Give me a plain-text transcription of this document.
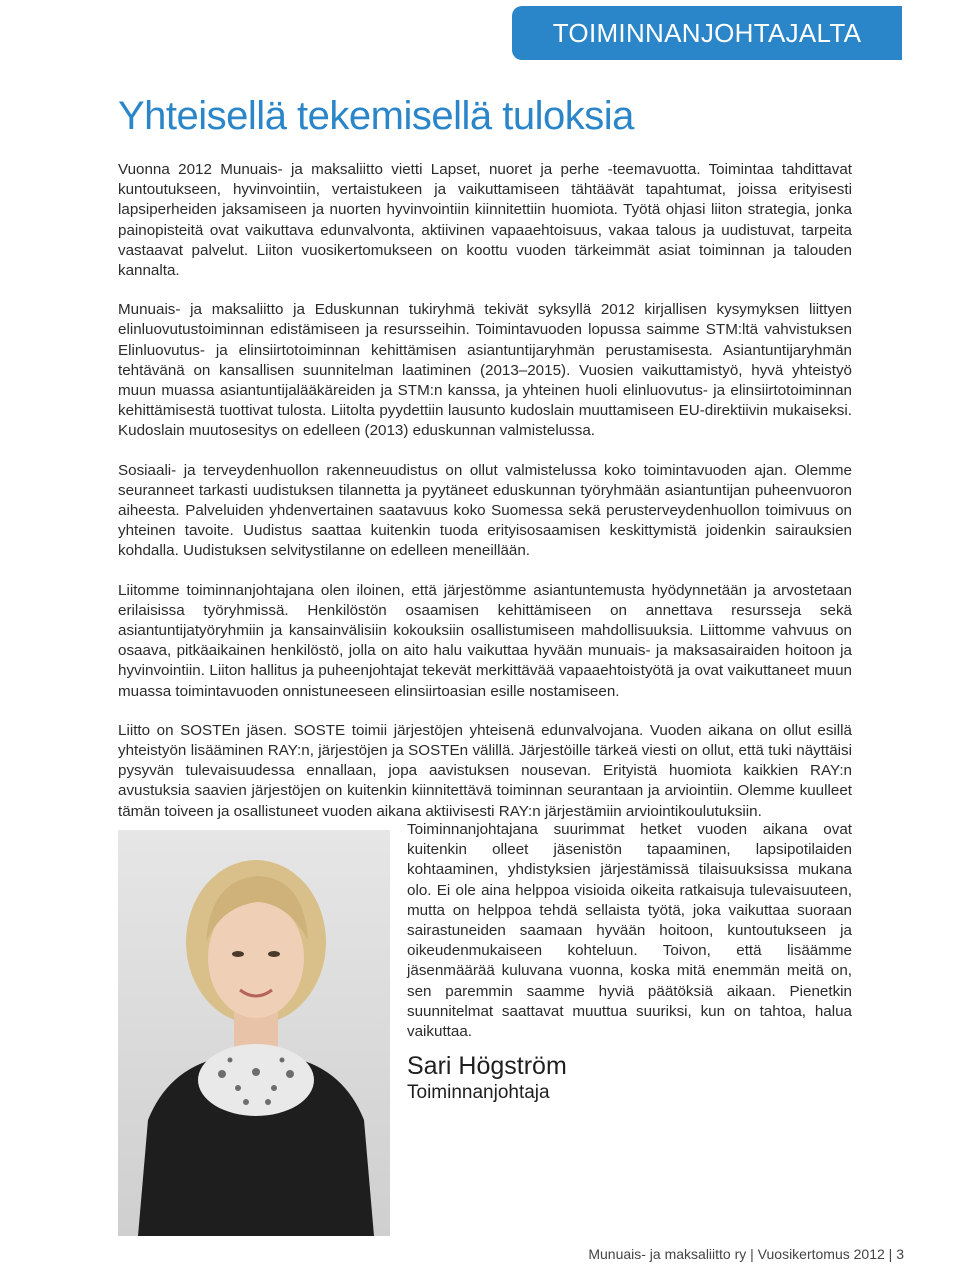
TOIMINNANJOHTAJALTA
Yhteisellä tekemisellä tuloksia

Vuonna 2012 Munuais- ja maksaliitto vietti Lapset, nuoret ja perhe -teemavuotta. Toimintaa tahdittavat kuntoutukseen, hyvinvointiin, vertaistukeen ja vaikuttamiseen tähtäävät tapahtumat, joissa erityisesti lapsiperheiden jaksamiseen ja nuorten hyvinvointiin kiinnitettiin huomiota. Työtä ohjasi liiton strategia, jonka painopisteitä ovat vaikuttava edunvalvonta, aktiivinen vapaaehtoisuus, vakaa talous ja uudistuvat, tarpeita vastaavat palvelut. Liiton vuosikertomukseen on koottu vuoden tärkeimmät asiat toiminnan ja talouden kannalta.

Munuais- ja maksaliitto ja Eduskunnan tukiryhmä tekivät syksyllä 2012 kirjallisen kysymyksen liittyen elinluovutustoiminnan edistämiseen ja resursseihin. Toimintavuoden lopussa saimme STM:ltä vahvistuksen Elinluovutus- ja elinsiirtotoiminnan kehittämisen asiantuntijaryhmän perustamisesta. Asiantuntijaryhmän tehtävänä on kansallisen suunnitelman laatiminen (2013–2015). Vuosien vaikuttamistyö, hyvä yhteistyö muun muassa asiantuntijalääkäreiden ja STM:n kanssa, ja yhteinen huoli elinluovutus- ja elinsiirtotoiminnan kehittämisestä tuottivat tulosta. Liitolta pyydettiin lausunto kudoslain muuttamiseen EU-direktiivin mukaiseksi. Kudoslain muutosesitys on edelleen (2013) eduskunnan valmistelussa.

Sosiaali- ja terveydenhuollon rakenneuudistus on ollut valmistelussa koko toimintavuoden ajan. Olemme seuranneet tarkasti uudistuksen tilannetta ja pyytäneet eduskunnan työryhmään asiantuntijan puheenvuoron aiheesta. Palveluiden yhdenvertainen saatavuus koko Suomessa sekä perusterveydenhuollon toimivuus on yhteinen tavoite. Uudistus saattaa kuitenkin tuoda erityisosaamisen keskittymistä joidenkin sairauksien kohdalla. Uudistuksen selvitystilanne on edelleen meneillään.

Liitomme toiminnanjohtajana olen iloinen, että järjestömme asiantuntemusta hyödynnetään ja arvostetaan erilaisissa työryhmissä. Henkilöstön osaamisen kehittämiseen on annettava resursseja sekä asiantuntijatyöryhmiin ja kansainvälisiin kokouksiin osallistumiseen mahdollisuuksia. Liittomme vahvuus on osaava, pitkäaikainen henkilöstö, jolla on aito halu vaikuttaa hyvään munuais- ja maksasairaiden hoitoon ja hyvinvointiin. Liiton hallitus ja puheenjohtajat tekevät merkittävää vapaaehtoistyötä ja ovat vaikuttaneet muun muassa toimintavuoden onnistuneeseen elinsiirtoasian esille nostamiseen.

Liitto on SOSTEn jäsen. SOSTE toimii järjestöjen yhteisenä edunvalvojana. Vuoden aikana on ollut esillä yhteistyön lisääminen RAY:n, järjestöjen ja SOSTEn välillä. Järjestöille tärkeä viesti on ollut, että tuki näyttäisi pysyvän tulevaisuudessa ennallaan, jopa aavistuksen nousevan. Erityistä huomiota kaikkien RAY:n avustuksia saavien järjestöjen on kuitenkin kiinnitettävä toiminnan seurantaan ja arviointiin. Olemme kuulleet tämän toiveen ja osallistuneet vuoden aikana aktiivisesti RAY:n järjestämiin arviointikoulutuksiin.

Toiminnanjohtajana suurimmat hetket vuoden aikana ovat kuitenkin olleet jäsenistön tapaaminen, lapsipotilaiden kohtaaminen, yhdistyksien järjestämissä tilaisuuksissa mukana olo. Ei ole aina helppoa visioida oikeita ratkaisuja tulevaisuuteen, mutta on helppoa tehdä sellaista työtä, joka vaikuttaa suoraan sairastuneiden saamaan hyvään hoitoon, kuntoutukseen ja oikeudenmukaiseen kohteluun. Toivon, että lisäämme jäsenmäärää kuluvana vuonna, koska mitä enemmän meitä on, sen paremmin saamme hyviä päätöksiä aikaan. Pienetkin suunnitelmat saattavat muuttua suuriksi, kun on tahtoa, halua vaikuttaa.

Sari Högström

Toiminnanjohtaja

Munuais- ja maksaliitto ry | Vuosikertomus 2012 | 3
